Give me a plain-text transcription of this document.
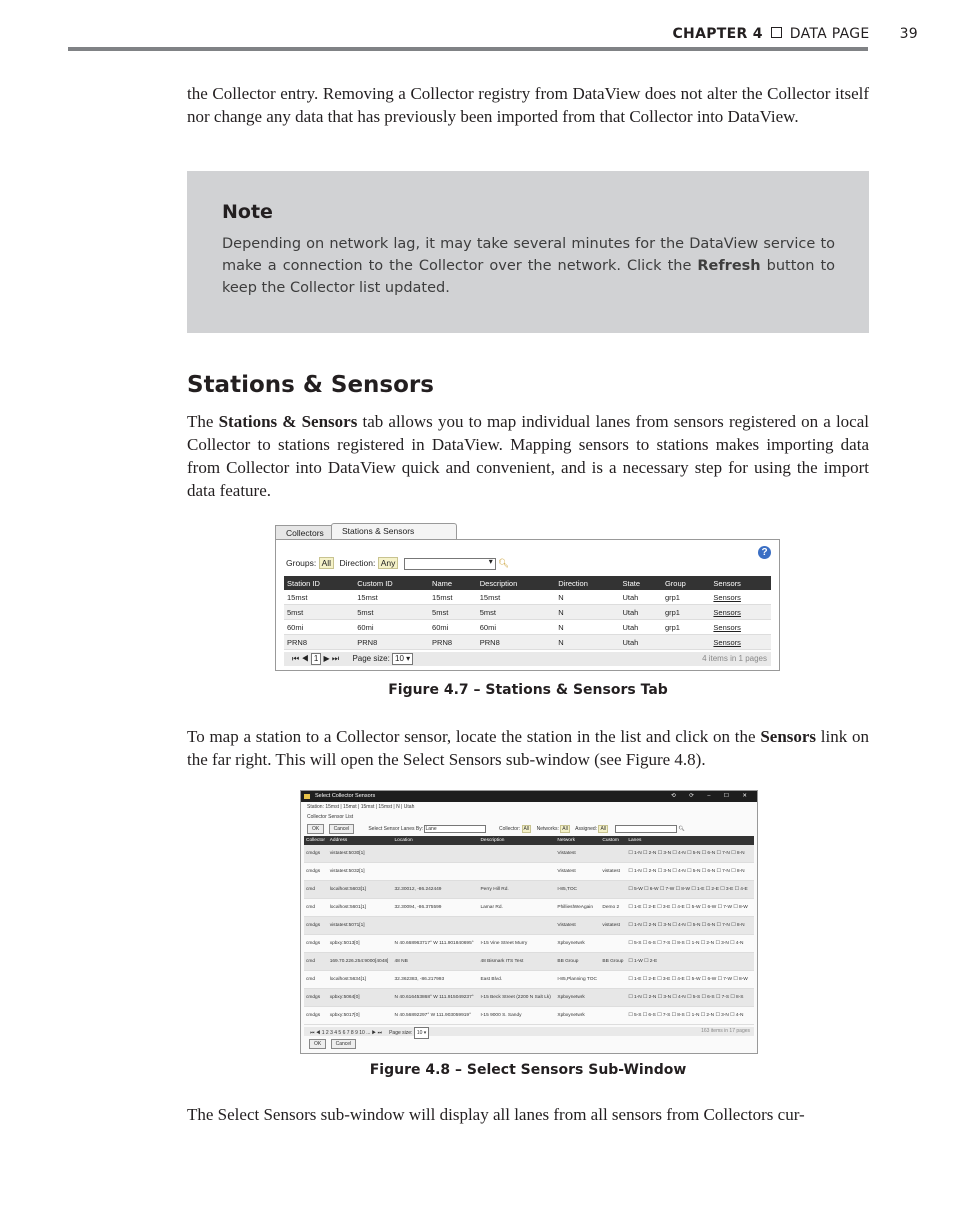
CHAPTER 4 DATA PAGE 39

the Collector entry. Removing a Collector registry from DataView does not alter the Collector itself nor change any data that has previously been imported from that Collector into DataView.

Note

Depending on network lag, it may take several minutes for the DataView service to make a connection to the Collector over the network. Click the Refresh button to keep the Collector list updated.

Stations & Sensors

The Stations & Sensors tab allows you to map individual lanes from sensors registered on a local Collector to stations registered in DataView. Mapping sensors to stations makes importing data from Collector into DataView quick and convenient, and is a necessary step for using the import data feature.

Collectors	Stations & Sensors
Groups: All Direction: Any ▾	🔍︎
?
Station ID	Custom ID	Name	Description	Direction	State	Group	Sensors
15mst	15mst	15mst	15mst	N	Utah	grp1	Sensors
5mst	5mst	5mst	5mst	N	Utah	grp1	Sensors
60mi	60mi	60mi	60mi	N	Utah	grp1	Sensors
PRN8	PRN8	PRN8	PRN8	N	Utah		Sensors
⏮ ◀ 1 ▶ ⏭ Page size: 10 ▾	4 items in 1 pages
Figure 4.7 – Stations & Sensors Tab

To map a station to a Collector sensor, locate the station in the list and click on the Sensors link on the far right. This will open the Select Sensors sub-window (see Figure 4.8).

Select Collector Sensors	⟲ ⟳ – ☐ ✕
Station: 15mst | 15mst | 15mst | 15mst | N | Utah
Collector Sensor List
OK	Cancel	Select Sensor Lanes By: Lane	Collector: All Networks: All Assigned: All	🔍︎
Collector	Address	Location	Description	Network	Custom	Lanes
cmdgs	vistatest:5030[1]			Vistatest		☐ 1-N ☐ 2-N ☐ 3-N ☐ 4-N ☐ 5-N ☐ 6-N ☐ 7-N ☐ 8-N
cmdgs	vistatest:5032[1]			Vistatest	vistatest	☐ 1-N ☐ 2-N ☐ 3-N ☐ 4-N ☐ 5-N ☐ 6-N ☐ 7-N ☐ 8-N
cmd	localhost:5603[1]	32.30012, -86.242449	Perry Hill Rd.	I-85,TOC		☐ 5-W ☐ 6-W ☐ 7-W ☐ 8-W ☐ 1-E ☐ 2-E ☐ 3-E ☐ 4-E
cmd	localhost:5601[1]	32.30094, -86.375599	Lamar Rd.	PhillieslWeAgain	Demo 2	☐ 1-E ☐ 2-E ☐ 3-E ☐ 4-E ☐ 5-W ☐ 6-W ☐ 7-W ☐ 8-W
cmdgs	vistatest:5071[1]			Vistatest	vistatest	☐ 1-N ☐ 2-N ☐ 3-N ☐ 4-N ☐ 5-N ☐ 6-N ☐ 7-N ☐ 8-N
cmdgs	xpbxy:5013[0]	N 40.668963717° W 111.901840695°	I-15 Vine Street Murry	Xpbxynetwrk		☐ 5-S ☐ 6-S ☐ 7-S ☐ 8-S ☐ 1-N ☐ 2-N ☐ 3-N ☐ 4-N
cmd	169.70.226.254:9000[4048]	48 NB	48 Bismark ITS Test	BB Group	BB Group	☐ 1-W ☐ 2-E
cmd	localhost:5634[1]	32.362383, -86.217993	East Blvd.	I-85,Planning TOC		☐ 1-E ☐ 2-E ☐ 3-E ☐ 4-E ☐ 5-W ☐ 6-W ☐ 7-W ☐ 8-W
cmdgs	xpbxy:5064[0]	N 40.616453868° W 111.915049237°	I-15 Beck Street (2200 N Salt Lk)	Xpbxynetwrk		☐ 1-N ☐ 2-N ☐ 3-N ☐ 4-N ☐ 5-S ☐ 6-S ☐ 7-S ☐ 8-S
cmdgs	xpbxy:5017[0]	N 40.56892297° W 111.903059919°	I-15 9000 S. Sandy	Xpbxynetwrk		☐ 5-S ☐ 6-S ☐ 7-S ☐ 8-S ☐ 1-N ☐ 2-N ☐ 3-N ☐ 4-N
⏮ ◀ 1 2 3 4 5 6 7 8 9 10 ... ▶ ⏭ Page size: 10 ▾	163 items in 17 pages
OK	Cancel
Figure 4.8 – Select Sensors Sub-Window

The Select Sensors sub-window will display all lanes from all sensors from Collectors cur-
